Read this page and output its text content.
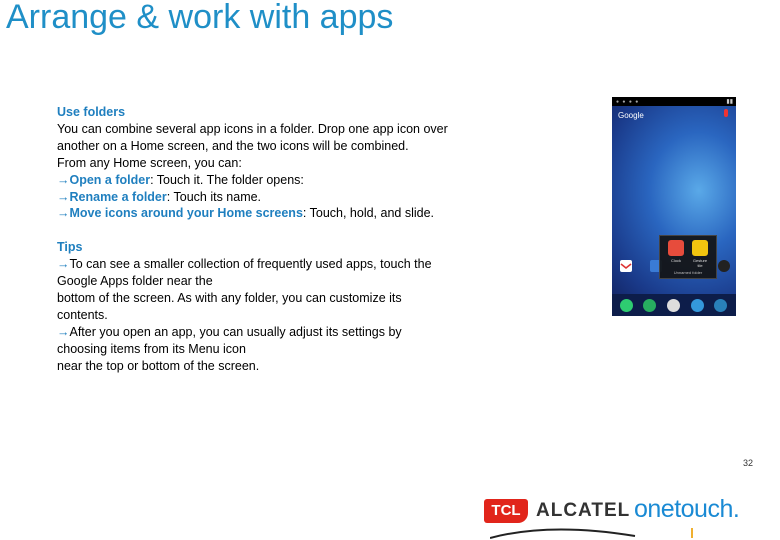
Arrange & work with apps

Use folders

You can combine several app icons in a folder. Drop one app icon over

another on a Home screen, and the two icons will be combined.

From any Home screen, you can:

→Open a folder: Touch it. The folder opens:

→Rename a folder: Touch its name.

→Move icons around your Home screens: Touch, hold, and slide.

Tips

→To can see a smaller collection of frequently used apps, touch the

Google Apps folder near the

bottom of the screen. As with any folder, you can customize its

contents.

→After you open an app, you can usually adjust its settings by

choosing items from its Menu icon

near the top or bottom of the screen.

● ● ● ●	▮▮
Google
Clock	Gesture tile
Unnamed folder
32
TCL ALCATEL onetouch.
